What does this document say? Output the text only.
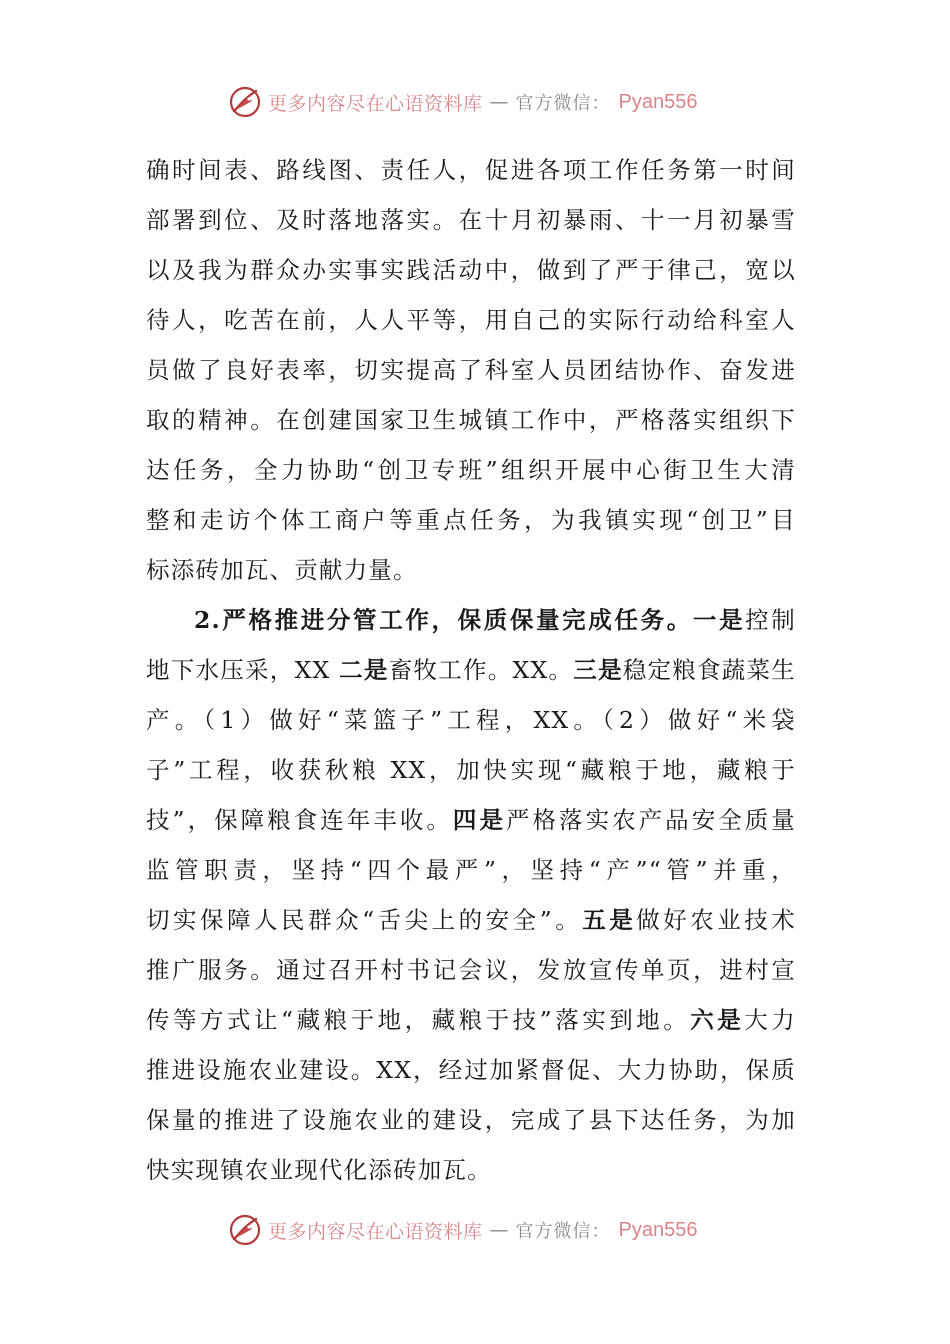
更多内容尽在心语资料库 — 官方微信： Pyan556
确时间表、路线图、责任人，促进各项工作任务第一时间
部署到位、及时落地落实。在十月初暴雨、十一月初暴雪
以及我为群众办实事实践活动中，做到了严于律己，宽以
待人，吃苦在前，人人平等，用自己的实际行动给科室人
员做了良好表率，切实提高了科室人员团结协作、奋发进
取的精神。在创建国家卫生城镇工作中，严格落实组织下
达任务，全力协助“创卫专班”组织开展中心街卫生大清
整和走访个体工商户等重点任务，为我镇实现“创卫”目
标添砖加瓦、贡献力量。
2.严格推进分管工作，保质保量完成任务。一是控制
地下水压采，XX 二是畜牧工作。XX。三是稳定粮食蔬菜生
产。（1）做好“菜篮子”工程，XX。（2）做好“米袋
子”工程，收获秋粮 XX，加快实现“藏粮于地，藏粮于
技”，保障粮食连年丰收。四是严格落实农产品安全质量
监管职责，坚持“四个最严”，坚持“产”“管”并重，
切实保障人民群众“舌尖上的安全”。五是做好农业技术
推广服务。通过召开村书记会议，发放宣传单页，进村宣
传等方式让“藏粮于地，藏粮于技”落实到地。六是大力
推进设施农业建设。XX，经过加紧督促、大力协助，保质
保量的推进了设施农业的建设，完成了县下达任务，为加
快实现镇农业现代化添砖加瓦。
更多内容尽在心语资料库 — 官方微信： Pyan556
